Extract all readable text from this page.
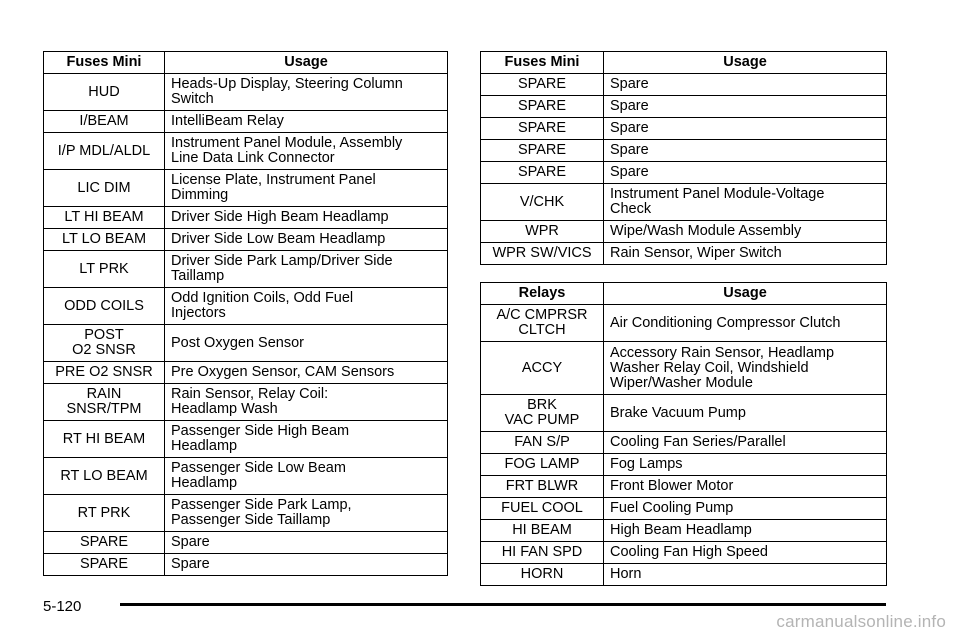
Fuses Mini	Usage
HUD	Heads-Up Display, Steering Column
Switch
I/BEAM	IntelliBeam Relay
I/P MDL/ALDL	Instrument Panel Module, Assembly
Line Data Link Connector
LIC DIM	License Plate, Instrument Panel
Dimming
LT HI BEAM	Driver Side High Beam Headlamp
LT LO BEAM	Driver Side Low Beam Headlamp
LT PRK	Driver Side Park Lamp/Driver Side
Taillamp
ODD COILS	Odd Ignition Coils, Odd Fuel
Injectors
POST
O2 SNSR	Post Oxygen Sensor
PRE O2 SNSR	Pre Oxygen Sensor, CAM Sensors
RAIN
SNSR/TPM	Rain Sensor, Relay Coil:
Headlamp Wash
RT HI BEAM	Passenger Side High Beam
Headlamp
RT LO BEAM	Passenger Side Low Beam
Headlamp
RT PRK	Passenger Side Park Lamp,
Passenger Side Taillamp
SPARE	Spare
SPARE	Spare
Fuses Mini	Usage
SPARE	Spare
SPARE	Spare
SPARE	Spare
SPARE	Spare
SPARE	Spare
V/CHK	Instrument Panel Module-Voltage
Check
WPR	Wipe/Wash Module Assembly
WPR SW/VICS	Rain Sensor, Wiper Switch
Relays	Usage
A/C CMPRSR
CLTCH	Air Conditioning Compressor Clutch
ACCY	Accessory Rain Sensor, Headlamp
Washer Relay Coil, Windshield
Wiper/Washer Module
BRK
VAC PUMP	Brake Vacuum Pump
FAN S/P	Cooling Fan Series/Parallel
FOG LAMP	Fog Lamps
FRT BLWR	Front Blower Motor
FUEL COOL	Fuel Cooling Pump
HI BEAM	High Beam Headlamp
HI FAN SPD	Cooling Fan High Speed
HORN	Horn
5-120
carmanualsonline.info
